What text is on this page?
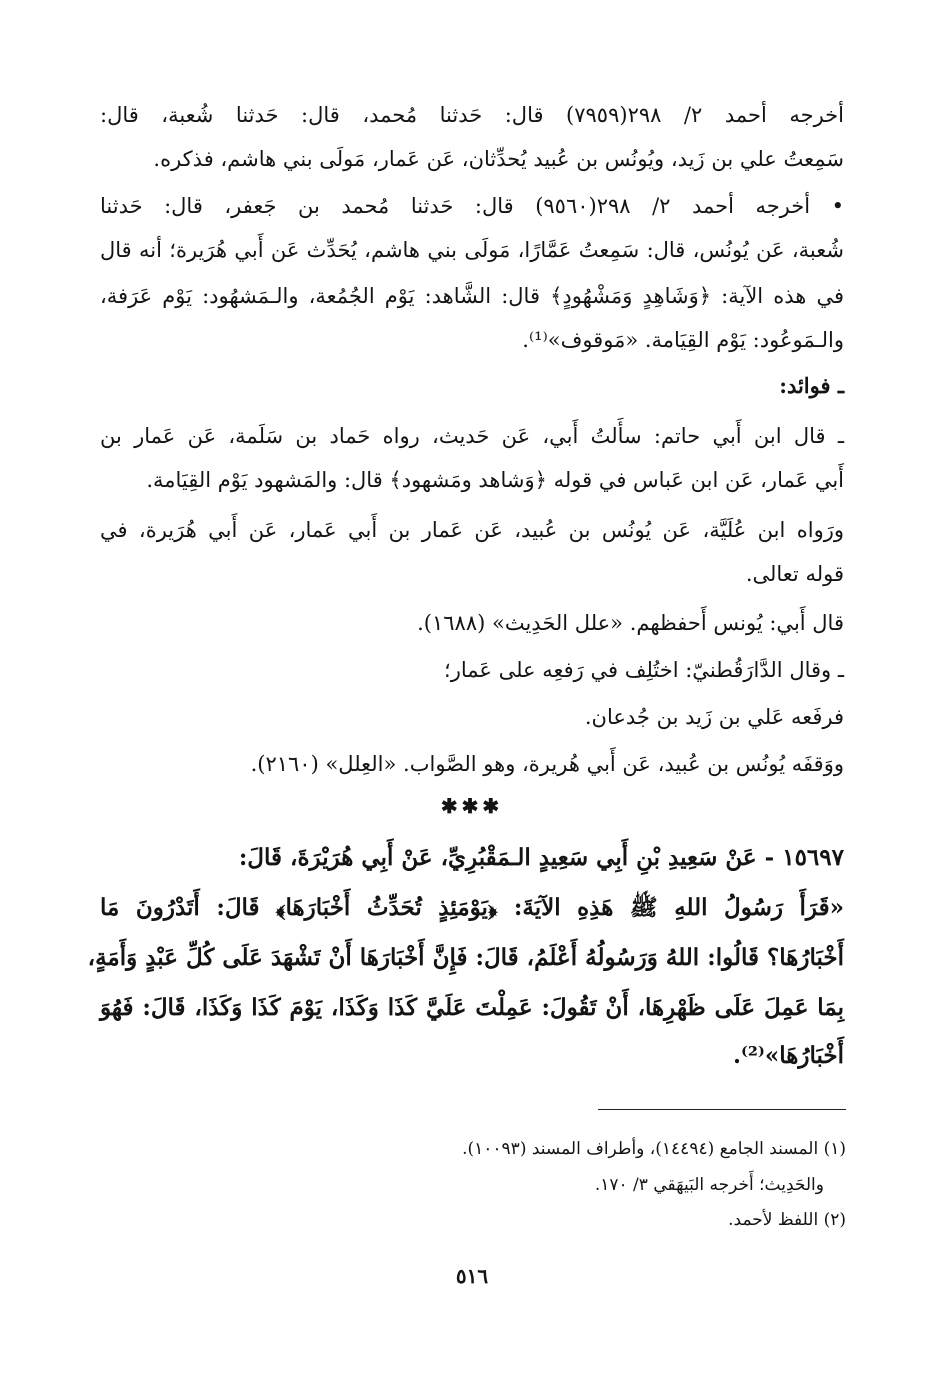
أخرجه أحمد ٢/ ٢٩٨(٧٩٥٩) قال: حَدثنا مُحمد، قال: حَدثنا شُعبة، قال:
سَمِعتُ علي بن زَيد، ويُونُس بن عُبيد يُحدِّثان، عَن عَمار، مَولَى بني هاشم، فذكره.
• أخرجه أحمد ٢/ ٢٩٨(٩٥٦٠) قال: حَدثنا مُحمد بن جَعفر، قال: حَدثنا
شُعبة، عَن يُونُس، قال: سَمِعتُ عَمَّارًا، مَولَى بني هاشم، يُحَدِّث عَن أَبي هُرَيرة؛ أنه قال
في هذه الآية: ﴿وَشَاهِدٍ وَمَشْهُودٍ﴾ قال: الشَّاهد: يَوْم الجُمُعة، والـمَشهُود: يَوْم عَرَفة،
والـمَوعُود: يَوْم القِيَامة. «مَوقوف»⁽¹⁾.
ـ فوائد:
ـ قال ابن أَبي حاتم: سأَلتُ أَبي، عَن حَديث، رواه حَماد بن سَلَمة، عَن عَمار بن
أَبي عَمار، عَن ابن عَباس في قوله ﴿وَشاهد ومَشهود﴾ قال: والمَشهود يَوْم القِيَامة.
ورَواه ابن عُلَيَّة، عَن يُونُس بن عُبيد، عَن عَمار بن أَبي عَمار، عَن أَبي هُرَيرة، في
قوله تعالى.
قال أَبي: يُونس أَحفظهم. «علل الحَدِيث» (١٦٨٨).
ـ وقال الدَّارَقُطنيّ: اختُلِف في رَفعِه على عَمار؛
فرفَعه عَلي بن زَيد بن جُدعان.
ووَقفَه يُونُس بن عُبيد، عَن أَبي هُريرة، وهو الصَّواب. «العِلل» (٢١٦٠).
✱✱✱
١٥٦٩٧ - عَنْ سَعِيدِ بْنِ أَبِي سَعِيدٍ الـمَقْبُرِيِّ، عَنْ أَبِي هُرَيْرَةَ، قَالَ:
«قَرَأَ رَسُولُ اللهِ ﷺ هَذِهِ الآيَةَ: ﴿يَوْمَئِذٍ تُحَدِّثُ أَخْبَارَهَا﴾ قَالَ: أَتَدْرُونَ مَا
أَخْبَارُهَا؟ قَالُوا: اللهُ وَرَسُولُهُ أَعْلَمُ، قَالَ: فَإِنَّ أَخْبَارَهَا أَنْ تَشْهَدَ عَلَى كُلِّ عَبْدٍ وَأَمَةٍ،
بِمَا عَمِلَ عَلَى ظَهْرِهَا، أَنْ تَقُولَ: عَمِلْتَ عَلَيَّ كَذَا وَكَذَا، يَوْمَ كَذَا وَكَذَا، قَالَ: فَهُوَ
أَخْبَارُهَا»⁽²⁾.
(١) المسند الجامع (١٤٤٩٤)، وأطراف المسند (١٠٠٩٣).
والحَدِيث؛ أَخرجه البَيهَقي ٣/ ١٧٠.
(٢) اللفظ لأحمد.
٥١٦
